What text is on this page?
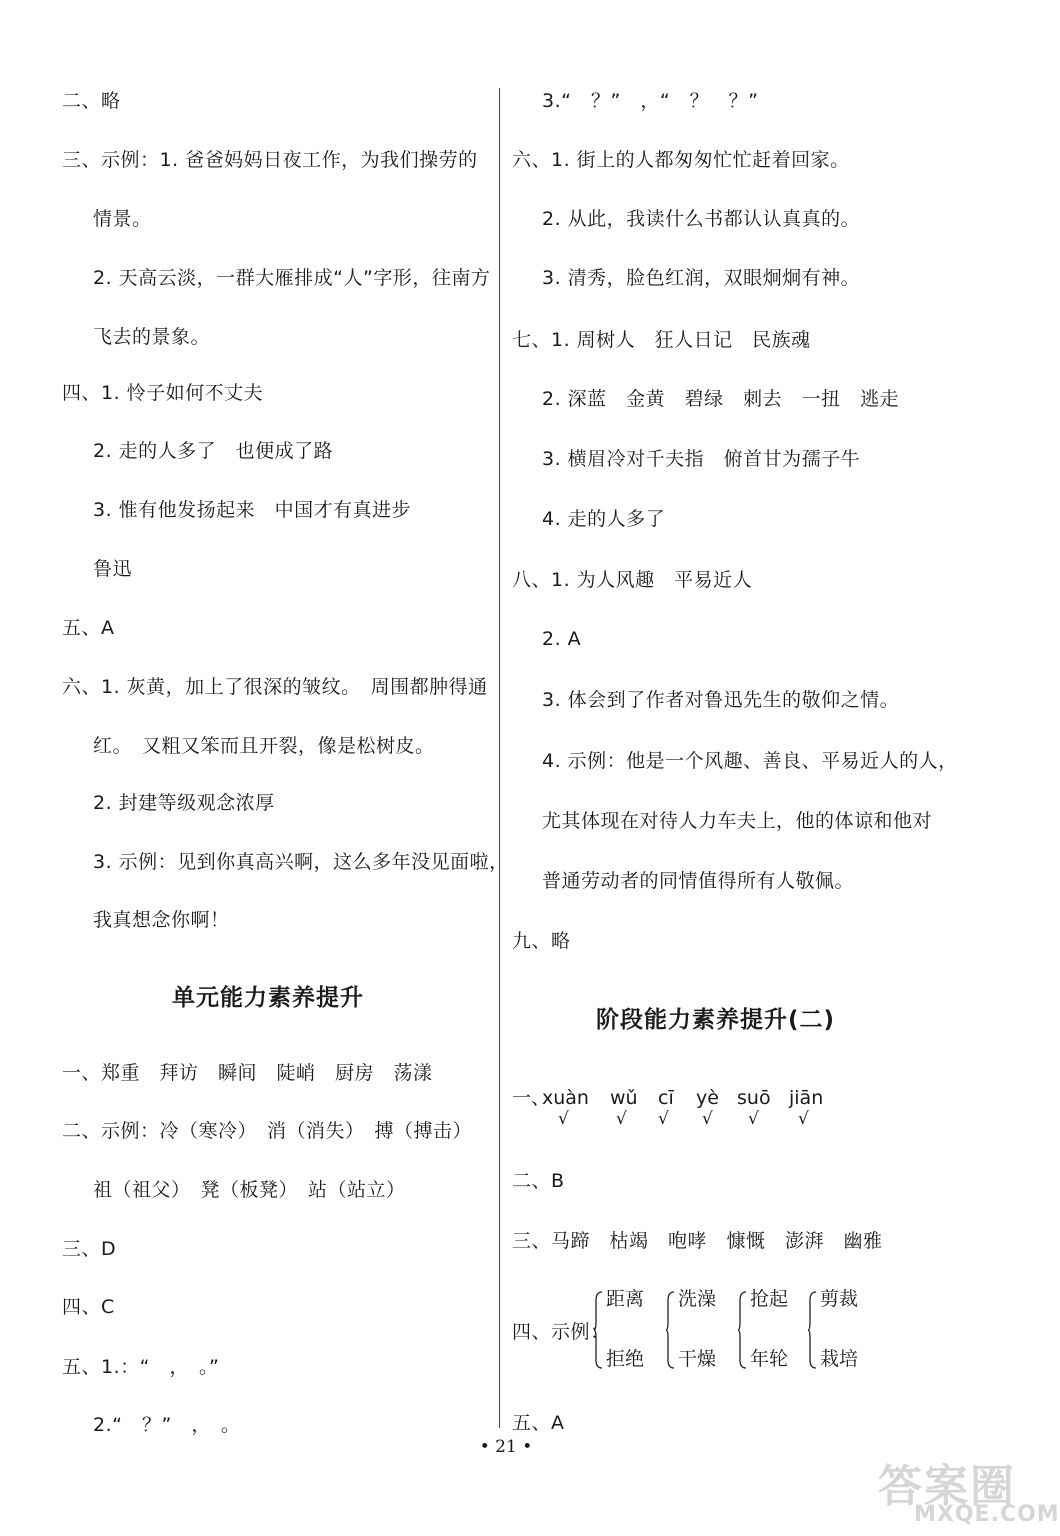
二、略
三、示例：1. 爸爸妈妈日夜工作，为我们操劳的
情景。
2. 天高云淡，一群大雁排成“人”字形，往南方
飞去的景象。
四、1. 怜子如何不丈夫
2. 走的人多了　也便成了路
3. 惟有他发扬起来　中国才有真进步
鲁迅
五、A
六、1. 灰黄，加上了很深的皱纹。　周围都肿得通
红。　又粗又笨而且开裂，像是松树皮。
2. 封建等级观念浓厚
3. 示例：见到你真高兴啊，这么多年没见面啦，
我真想念你啊！
单元能力素养提升
一、郑重　拜访　瞬间　陡峭　厨房　荡漾
二、示例：冷（寒冷）　消（消失）　搏（搏击）
祖（祖父）　凳（板凳）　站（站立）
三、D
四、C
五、1.：“　，　。”
2.“　？”　，　。
3.“　？”　，“　？　？”
六、1. 街上的人都匆匆忙忙赶着回家。
2. 从此，我读什么书都认认真真的。
3. 清秀，脸色红润，双眼炯炯有神。
七、1. 周树人　狂人日记　民族魂
2. 深蓝　金黄　碧绿　刺去　一扭　逃走
3. 横眉冷对千夫指　俯首甘为孺子牛
4. 走的人多了
八、1. 为人风趣　平易近人
2. A
3. 体会到了作者对鲁迅先生的敬仰之情。
4. 示例：他是一个风趣、善良、平易近人的人，
尤其体现在对待人力车夫上，他的体谅和他对
普通劳动者的同情值得所有人敬佩。
九、略
阶段能力素养提升(二)
一、
xuàn wǔ cī yè suō jiān
√	√ √ √ √ √
二、B
三、马蹄　枯竭　咆哮　慷慨　澎湃　幽雅
四、示例：
距离
拒绝
洗澡
干燥
抢起
年轮
剪裁
栽培
五、A
• 21 •
答案圈
MXQE.COM
